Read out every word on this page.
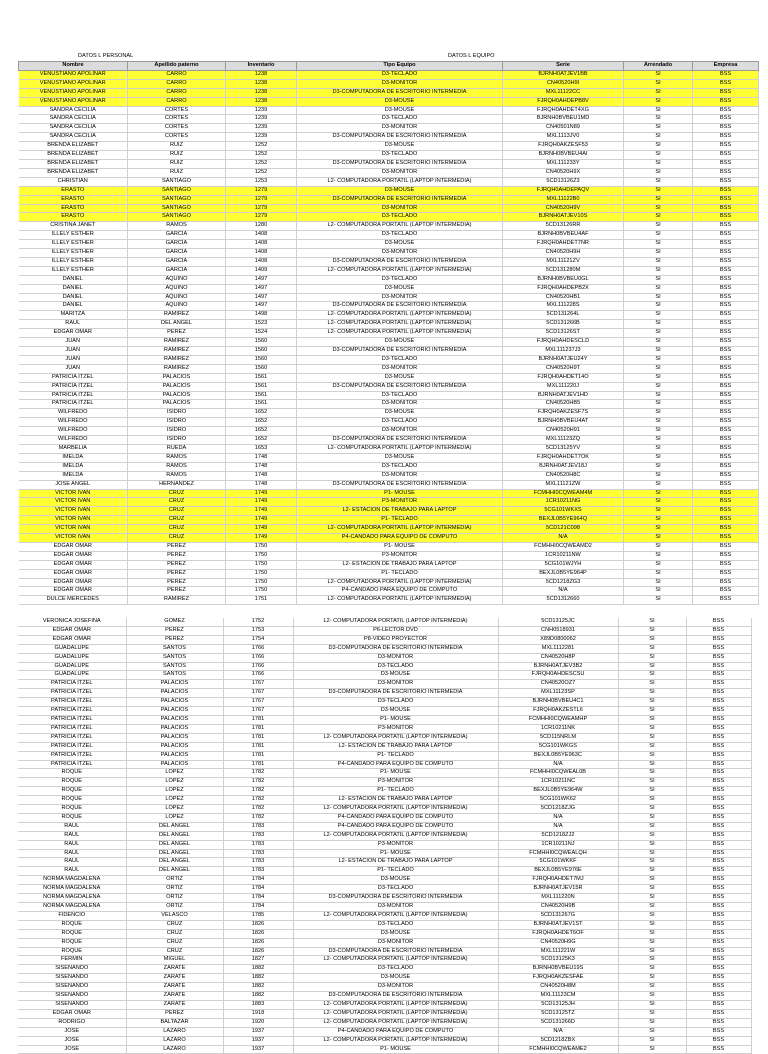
DATOS L PERSONAL	DATOS L EQUIPO
Nombre	Apellido paterno	Inventario	Tipo Equipo	Serie	Arrendado	Empresa
VENUSTIANO APOLINAR	CARRO	1238	D3-TECLADO	BJRNH0ATJEV1BB	SI	BSS
VENUSTIANO APOLINAR	CARRO	1238	D3-MONITOR	CN40520H9I	SI	BSS
VENUSTIANO APOLINAR	CARRO	1238	D3-COMPUTADORA DE ESCRITORIO INTERMEDIA	MXL11122CC	SI	BSS
VENUSTIANO APOLINAR	CARRO	1238	D3-MOUSE	FJRQH0AHDEPB8V	SI	BSS
SANDRA CECILIA	CORTES	1239	D3-MOUSE	FJRQH0AHDET4XG	SI	BSS
SANDRA CECILIA	CORTES	1239	D3-TECLADO	BJRNH0BVBEU1MD	SI	BSS
SANDRA CECILIA	CORTES	1239	D3-MONITOR	CN40501N89	SI	BSS
SANDRA CECILIA	CORTES	1239	D3-COMPUTADORA DE ESCRITORIO INTERMEDIA	MXL1113JV0	SI	BSS
BRENDA ELIZABET	RUIZ	1252	D3-MOUSE	FJRQH0AKZESF53	SI	BSS
BRENDA ELIZABET	RUIZ	1252	D3-TECLADO	BJRNH0BVBEU4AI	SI	BSS
BRENDA ELIZABET	RUIZ	1252	D3-COMPUTADORA DE ESCRITORIO INTERMEDIA	MXL111233Y	SI	BSS
BRENDA ELIZABET	RUIZ	1252	D3-MONITOR	CN40520H9X	SI	BSS
CHRISTIAN	SANTIAGO	1253	L2- COMPUTADORA PORTATIL (LAPTOP INTERMEDIA)	5CD13126Z3	SI	BSS
ERASTO	SANTIAGO	1279	D3-MOUSE	FJRQH0AHDEPAQV	SI	BSS
ERASTO	SANTIAGO	1279	D3-COMPUTADORA DE ESCRITORIO INTERMEDIA	MXL11122B0	SI	BSS
ERASTO	SANTIAGO	1279	D3-MONITOR	CN40520H9V	SI	BSS
ERASTO	SANTIAGO	1279	D3-TECLADO	BJRNH0ATJEV10S	SI	BSS
CRISTINA JANET	RAMOS	1280	L2- COMPUTADORA PORTATIL (LAPTOP INTERMEDIA)	5CD13126RR	SI	BSS
ILLELY ESTHER	GARCIA	1408	D3-TECLADO	BJRNH0BVBEU4AF	SI	BSS
ILLELY ESTHER	GARCIA	1408	D3-MOUSE	FJRQH0AHDET7NR	SI	BSS
ILLELY ESTHER	GARCIA	1408	D3-MONITOR	CN40520H9H	SI	BSS
ILLELY ESTHER	GARCIA	1408	D3-COMPUTADORA DE ESCRITORIO INTERMEDIA	MXL11121ZV	SI	BSS
ILLELY ESTHER	GARCIA	1409	L2- COMPUTADORA PORTATIL (LAPTOP INTERMEDIA)	5CD131280M	SI	BSS
DANIEL	AQUINO	1497	D3-TECLADO	BJRNH0BVBEU0GL	SI	BSS
DANIEL	AQUINO	1497	D3-MOUSE	FJRQH0AHDEPB2X	SI	BSS
DANIEL	AQUINO	1497	D3-MONITOR	CN40520HB1	SI	BSS
DANIEL	AQUINO	1497	D3-COMPUTADORA DE ESCRITORIO INTERMEDIA	MXL111228S	SI	BSS
MARITZA	RAMIREZ	1498	L2- COMPUTADORA PORTATIL (LAPTOP INTERMEDIA)	5CD131264L	SI	BSS
RAUL	DEL ANGEL	1523	L2- COMPUTADORA PORTATIL (LAPTOP INTERMEDIA)	5CD131266B	SI	BSS
EDGAR OMAR	PEREZ	1524	L2- COMPUTADORA PORTATIL (LAPTOP INTERMEDIA)	5CD13126ST	SI	BSS
JUAN	RAMIREZ	1560	D3-MOUSE	FJRQH0AHDESCLD	SI	BSS
JUAN	RAMIREZ	1560	D3-COMPUTADORA DE ESCRITORIO INTERMEDIA	MXL111237J3	SI	BSS
JUAN	RAMIREZ	1560	D3-TECLADO	BJRNH0ATJEU24Y	SI	BSS
JUAN	RAMIREZ	1560	D3-MONITOR	CN40520H9T	SI	BSS
PATRICIA ITZEL	PALACIOS	1561	D3-MOUSE	FJRQH0AHDET14O	SI	BSS
PATRICIA ITZEL	PALACIOS	1561	D3-COMPUTADORA DE ESCRITORIO INTERMEDIA	MXL111220J	SI	BSS
PATRICIA ITZEL	PALACIOS	1561	D3-TECLADO	BJRNH0ATJEV1HD	SI	BSS
PATRICIA ITZEL	PALACIOS	1561	D3-MONITOR	CN40520HB5	SI	BSS
WILFREDO	ISIDRO	1652	D3-MOUSE	FJRQH0AKZESF7S	SI	BSS
WILFREDO	ISIDRO	1652	D3-TECLADO	BJRNH0BVBEU4AT	SI	BSS
WILFREDO	ISIDRO	1652	D3-MONITOR	CN40520H91	SI	BSS
WILFREDO	ISIDRO	1652	D3-COMPUTADORA DE ESCRITORIO INTERMEDIA	MXL11123ZQ	SI	BSS
MARBELIA	RUEDA	1653	L2- COMPUTADORA PORTATIL (LAPTOP INTERMEDIA)	5CD13125YV	SI	BSS
IMELDA	RAMOS	1748	D3-MOUSE	FJRQH0AHDET7OK	SI	BSS
IMELDA	RAMOS	1748	D3-TECLADO	BJRNH0ATJEV18J	SI	BSS
IMELDA	RAMOS	1748	D3-MONITOR	CN40520H8C	SI	BSS
JOSE ANGEL	HERNANDEZ	1748	D3-COMPUTADORA DE ESCRITORIO INTERMEDIA	MXL11121ZW	SI	BSS
VICTOR IVAN	CRUZ	1749	P1- MOUSE	FCMHHI0CQWEAM4M	SI	BSS
VICTOR IVAN	CRUZ	1749	P3-MONITOR	1CR10211NG	SI	BSS
VICTOR IVAN	CRUZ	1749	L2- ESTACION DE TRABAJO PARA LAPTOP	5CG101WKXS	SI	BSS
VICTOR IVAN	CRUZ	1749	P1- TECLADO	BEXJL0B5YE964Q	SI	BSS
VICTOR IVAN	CRUZ	1749	L2- COMPUTADORA PORTATIL (LAPTOP INTERMEDIA)	5CD121C098	SI	BSS
VICTOR IVAN	CRUZ	1749	P4-CANDADO PARA EQUIPO DE COMPUTO	N/A	SI	BSS
EDGAR OMAR	PEREZ	1750	P1- MOUSE	FCMHHI0CQWEAMD2	SI	BSS
EDGAR OMAR	PEREZ	1750	P3-MONITOR	1CR10211NW	SI	BSS
EDGAR OMAR	PEREZ	1750	L2- ESTACION DE TRABAJO PARA LAPTOP	5CG101WJYH	SI	BSS
EDGAR OMAR	PEREZ	1750	P1- TECLADO	BEXJL0B5YE964P	SI	BSS
EDGAR OMAR	PEREZ	1750	L2- COMPUTADORA PORTATIL (LAPTOP INTERMEDIA)	5CD1218ZG3	SI	BSS
EDGAR OMAR	PEREZ	1750	P4-CANDADO PARA EQUIPO DE COMPUTO	N/A	SI	BSS
DULCE MERCEDES	RAMIREZ	1751	L2- COMPUTADORA PORTATIL (LAPTOP INTERMEDIA)	5CD1312660	SI	BSS
VERONICA JOSEFINA	GOMEZ	1752	L2- COMPUTADORA PORTATIL (LAPTOP INTERMEDIA)	5CD13125JC	SI	BSS
EDGAR OMAR	PEREZ	1753	P6-LECTOR DVD	CNH0518931	SI	BSS
EDGAR OMAR	PEREZ	1754	P8-VIDEO PROYECTOR	X89D0800062	SI	BSS
GUADALUPE	SANTOS	1766	D3-COMPUTADORA DE ESCRITORIO INTERMEDIA	MXL1112281	SI	BSS
GUADALUPE	SANTOS	1766	D3-MONITOR	CN40520H8P	SI	BSS
GUADALUPE	SANTOS	1766	D3-TECLADO	BJRNH0ATJEV3B2	SI	BSS
GUADALUPE	SANTOS	1766	D3-MOUSE	FJRQH0AHDESCSU	SI	BSS
PATRICIA ITZEL	PALACIOS	1767	D3-MONITOR	CN40520OZ7	SI	BSS
PATRICIA ITZEL	PALACIOS	1767	D3-COMPUTADORA DE ESCRITORIO INTERMEDIA	MXL11123SP	SI	BSS
PATRICIA ITZEL	PALACIOS	1767	D3-TECLADO	BJRNH0BVBEU4C1	SI	BSS
PATRICIA ITZEL	PALACIOS	1767	D3-MOUSE	FJRQH0AKZESTL6	SI	BSS
PATRICIA ITZEL	PALACIOS	1781	P1- MOUSE	FCMHHI0CQWEAMHP	SI	BSS
PATRICIA ITZEL	PALACIOS	1781	P3-MONITOR	1CR10211NK	SI	BSS
PATRICIA ITZEL	PALACIOS	1781	L2- COMPUTADORA PORTATIL (LAPTOP INTERMEDIA)	5CD115NRLM	SI	BSS
PATRICIA ITZEL	PALACIOS	1781	L2- ESTACION DE TRABAJO PARA LAPTOP	5CG101WKGS	SI	BSS
PATRICIA ITZEL	PALACIOS	1781	P1- TECLADO	BEXJL0B5YE963C	SI	BSS
PATRICIA ITZEL	PALACIOS	1781	P4-CANDADO PARA EQUIPO DE COMPUTO	N/A	SI	BSS
ROQUE	LOPEZ	1782	P1- MOUSE	FCMHHI0CQWEAL0B	SI	BSS
ROQUE	LOPEZ	1782	P3-MONITOR	1CR10211NC	SI	BSS
ROQUE	LOPEZ	1782	P1- TECLADO	BEXJL0B5YE964W	SI	BSS
ROQUE	LOPEZ	1782	L2- ESTACION DE TRABAJO PARA LAPTOP	5CG101WK62	SI	BSS
ROQUE	LOPEZ	1782	L2- COMPUTADORA PORTATIL (LAPTOP INTERMEDIA)	5CD1218ZJG	SI	BSS
ROQUE	LOPEZ	1782	P4-CANDADO PARA EQUIPO DE COMPUTO	N/A	SI	BSS
RAUL	DEL ANGEL	1783	P4-CANDADO PARA EQUIPO DE COMPUTO	N/A	SI	BSS
RAUL	DEL ANGEL	1783	L2- COMPUTADORA PORTATIL (LAPTOP INTERMEDIA)	5CD1218ZJ2	SI	BSS
RAUL	DEL ANGEL	1783	P3-MONITOR	1CR10211NJ	SI	BSS
RAUL	DEL ANGEL	1783	P1- MOUSE	FCMHHI0CQWEALQH	SI	BSS
RAUL	DEL ANGEL	1783	L2- ESTACION DE TRABAJO PARA LAPTOP	5CG101WKKF	SI	BSS
RAUL	DEL ANGEL	1783	P1- TECLADO	BEXJL0B5YE976E	SI	BSS
NORMA MAGDALENA	ORTIZ	1784	D3-MOUSE	FJRQH0AHDET7MJ	SI	BSS
NORMA MAGDALENA	ORTIZ	1784	D3-TECLADO	BJRNH0ATJEV15R	SI	BSS
NORMA MAGDALENA	ORTIZ	1784	D3-COMPUTADORA DE ESCRITORIO INTERMEDIA	MXL111220N	SI	BSS
NORMA MAGDALENA	ORTIZ	1784	D3-MONITOR	CN40520H9B	SI	BSS
FIDENCIO	VELASCO	1785	L2- COMPUTADORA PORTATIL (LAPTOP INTERMEDIA)	5CD131267G	SI	BSS
ROQUE	CRUZ	1826	D3-TECLADO	BJRNH0ATJEV1ST	SI	BSS
ROQUE	CRUZ	1826	D3-MOUSE	FJRQH0AHDET6OF	SI	BSS
ROQUE	CRUZ	1826	D3-MONITOR	CN40520H9G	SI	BSS
ROQUE	CRUZ	1826	D3-COMPUTADORA DE ESCRITORIO INTERMEDIA	MXL111221W	SI	BSS
FERMIN	MIGUEL	1827	L2- COMPUTADORA PORTATIL (LAPTOP INTERMEDIA)	5CD13125K3	SI	BSS
SISENANDO	ZARATE	1882	D3-TECLADO	BJRNH0BVBEU19S	SI	BSS
SISENANDO	ZARATE	1882	D3-MOUSE	FJRQH0AKZESFAE	SI	BSS
SISENANDO	ZARATE	1882	D3-MONITOR	CN40520H8M	SI	BSS
SISENANDO	ZARATE	1882	D3-COMPUTADORA DE ESCRITORIO INTERMEDIA	MXL11123CM	SI	BSS
SISENANDO	ZARATE	1883	L2- COMPUTADORA PORTATIL (LAPTOP INTERMEDIA)	5CD13125JH	SI	BSS
EDGAR OMAR	PEREZ	1918	L2- COMPUTADORA PORTATIL (LAPTOP INTERMEDIA)	5CD13125TZ	SI	BSS
RODRIGO	BALTAZAR	1920	L2- COMPUTADORA PORTATIL (LAPTOP INTERMEDIA)	5CD131266D	SI	BSS
JOSE	LAZARO	1937	P4-CANDADO PARA EQUIPO DE COMPUTO	N/A	SI	BSS
JOSE	LAZARO	1937	L2- COMPUTADORA PORTATIL (LAPTOP INTERMEDIA)	5CD1218ZBX	SI	BSS
JOSE	LAZARO	1937	P1- MOUSE	FCMHHI0CQWEAME2	SI	BSS
